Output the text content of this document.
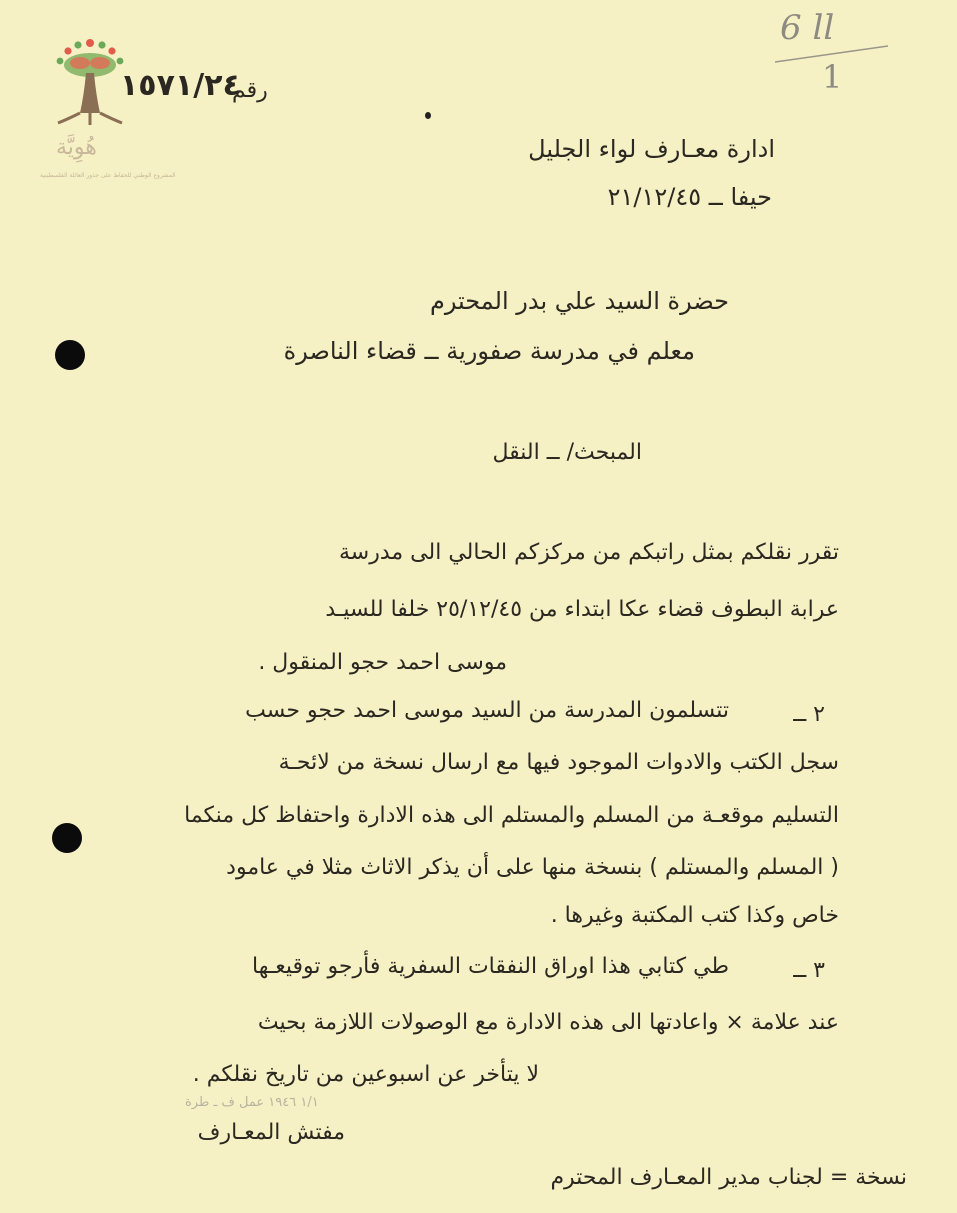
6 ll
1
هُوِيَّة
المشروع الوطني للحفاظ على جذور العائلة الفلسطينية
١٥٧١/٢٤
رقم
ادارة معـارف لواء الجليل
حيفا ــ ٢١/١٢/٤٥
حضرة السيد علي بدر المحترم
معلم في مدرسة صفورية ــ قضاء الناصرة
المبحث/ ــ النقل
تقرر نقلكم بمثل راتبكم من مركزكم الحالي الى مدرسة
عرابة البطوف قضاء عكا ابتداء من ٢٥/١٢/٤٥ خلفا للسيـد
موسى احمد حجو المنقول .
٢ ــ
تتسلمون المدرسة من السيد موسى احمد حجو حسب
سجل الكتب والادوات الموجود فيها مع ارسال نسخة من لائحـة
التسليم موقعـة من المسلم والمستلم الى هذه الادارة واحتفاظ كل منكما
( المسلم والمستلم ) بنسخة منها على أن يذكر الاثاث مثلا في عامود
خاص وكذا كتب المكتبة وغيرها .
٣ ــ
طي كتابي هذا اوراق النفقات السفرية فأرجو توقيعـها
عند علامة × واعادتها الى هذه الادارة مع الوصولات اللازمة بحيث
لا يتأخر عن اسبوعين من تاريخ نقلكم .
١/١ ١٩٤٦ عمل ف ـ طرة
مفتش المعـارف
نسخة = لجناب مدير المعـارف المحترم
